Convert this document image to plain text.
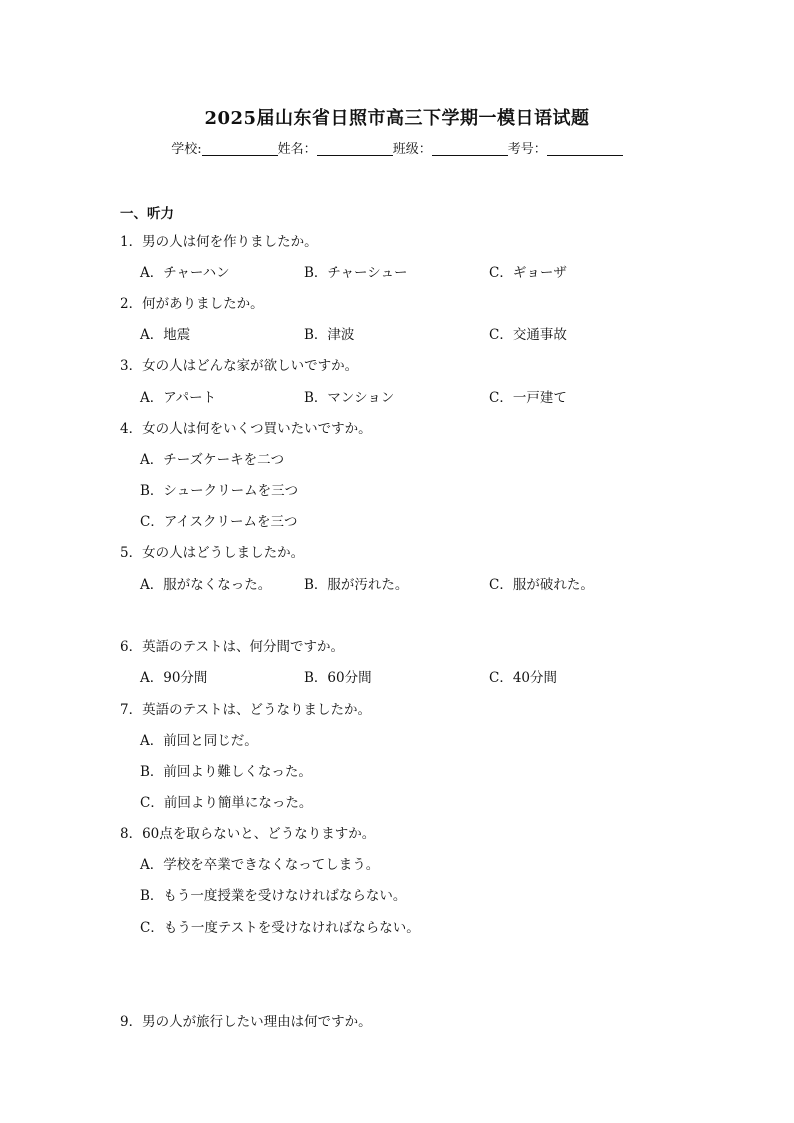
2025届山东省日照市高三下学期一模日语试题
学校:	姓名：	班级：	考号：
一、听力
1．男の人は何を作りましたか。
A．チャーハン	B．チャーシュー	C．ギョーザ
2．何がありましたか。
A．地震	B．津波	C．交通事故
3．女の人はどんな家が欲しいですか。
A．アパート	B．マンション	C．一戸建て
4．女の人は何をいくつ買いたいですか。
A．チーズケーキを二つ
B．シュークリームを三つ
C．アイスクリームを三つ
5．女の人はどうしましたか。
A．服がなくなった。 B．服が汚れた。	C．服が破れた。
6．英語のテストは、何分間ですか。
A．90分間	B．60分間	C．40分間
7．英語のテストは、どうなりましたか。
A．前回と同じだ。
B．前回より難しくなった。
C．前回より簡単になった。
8．60点を取らないと、どうなりますか。
A．学校を卒業できなくなってしまう。
B．もう一度授業を受けなければならない。
C．もう一度テストを受けなければならない。
9．男の人が旅行したい理由は何ですか。
